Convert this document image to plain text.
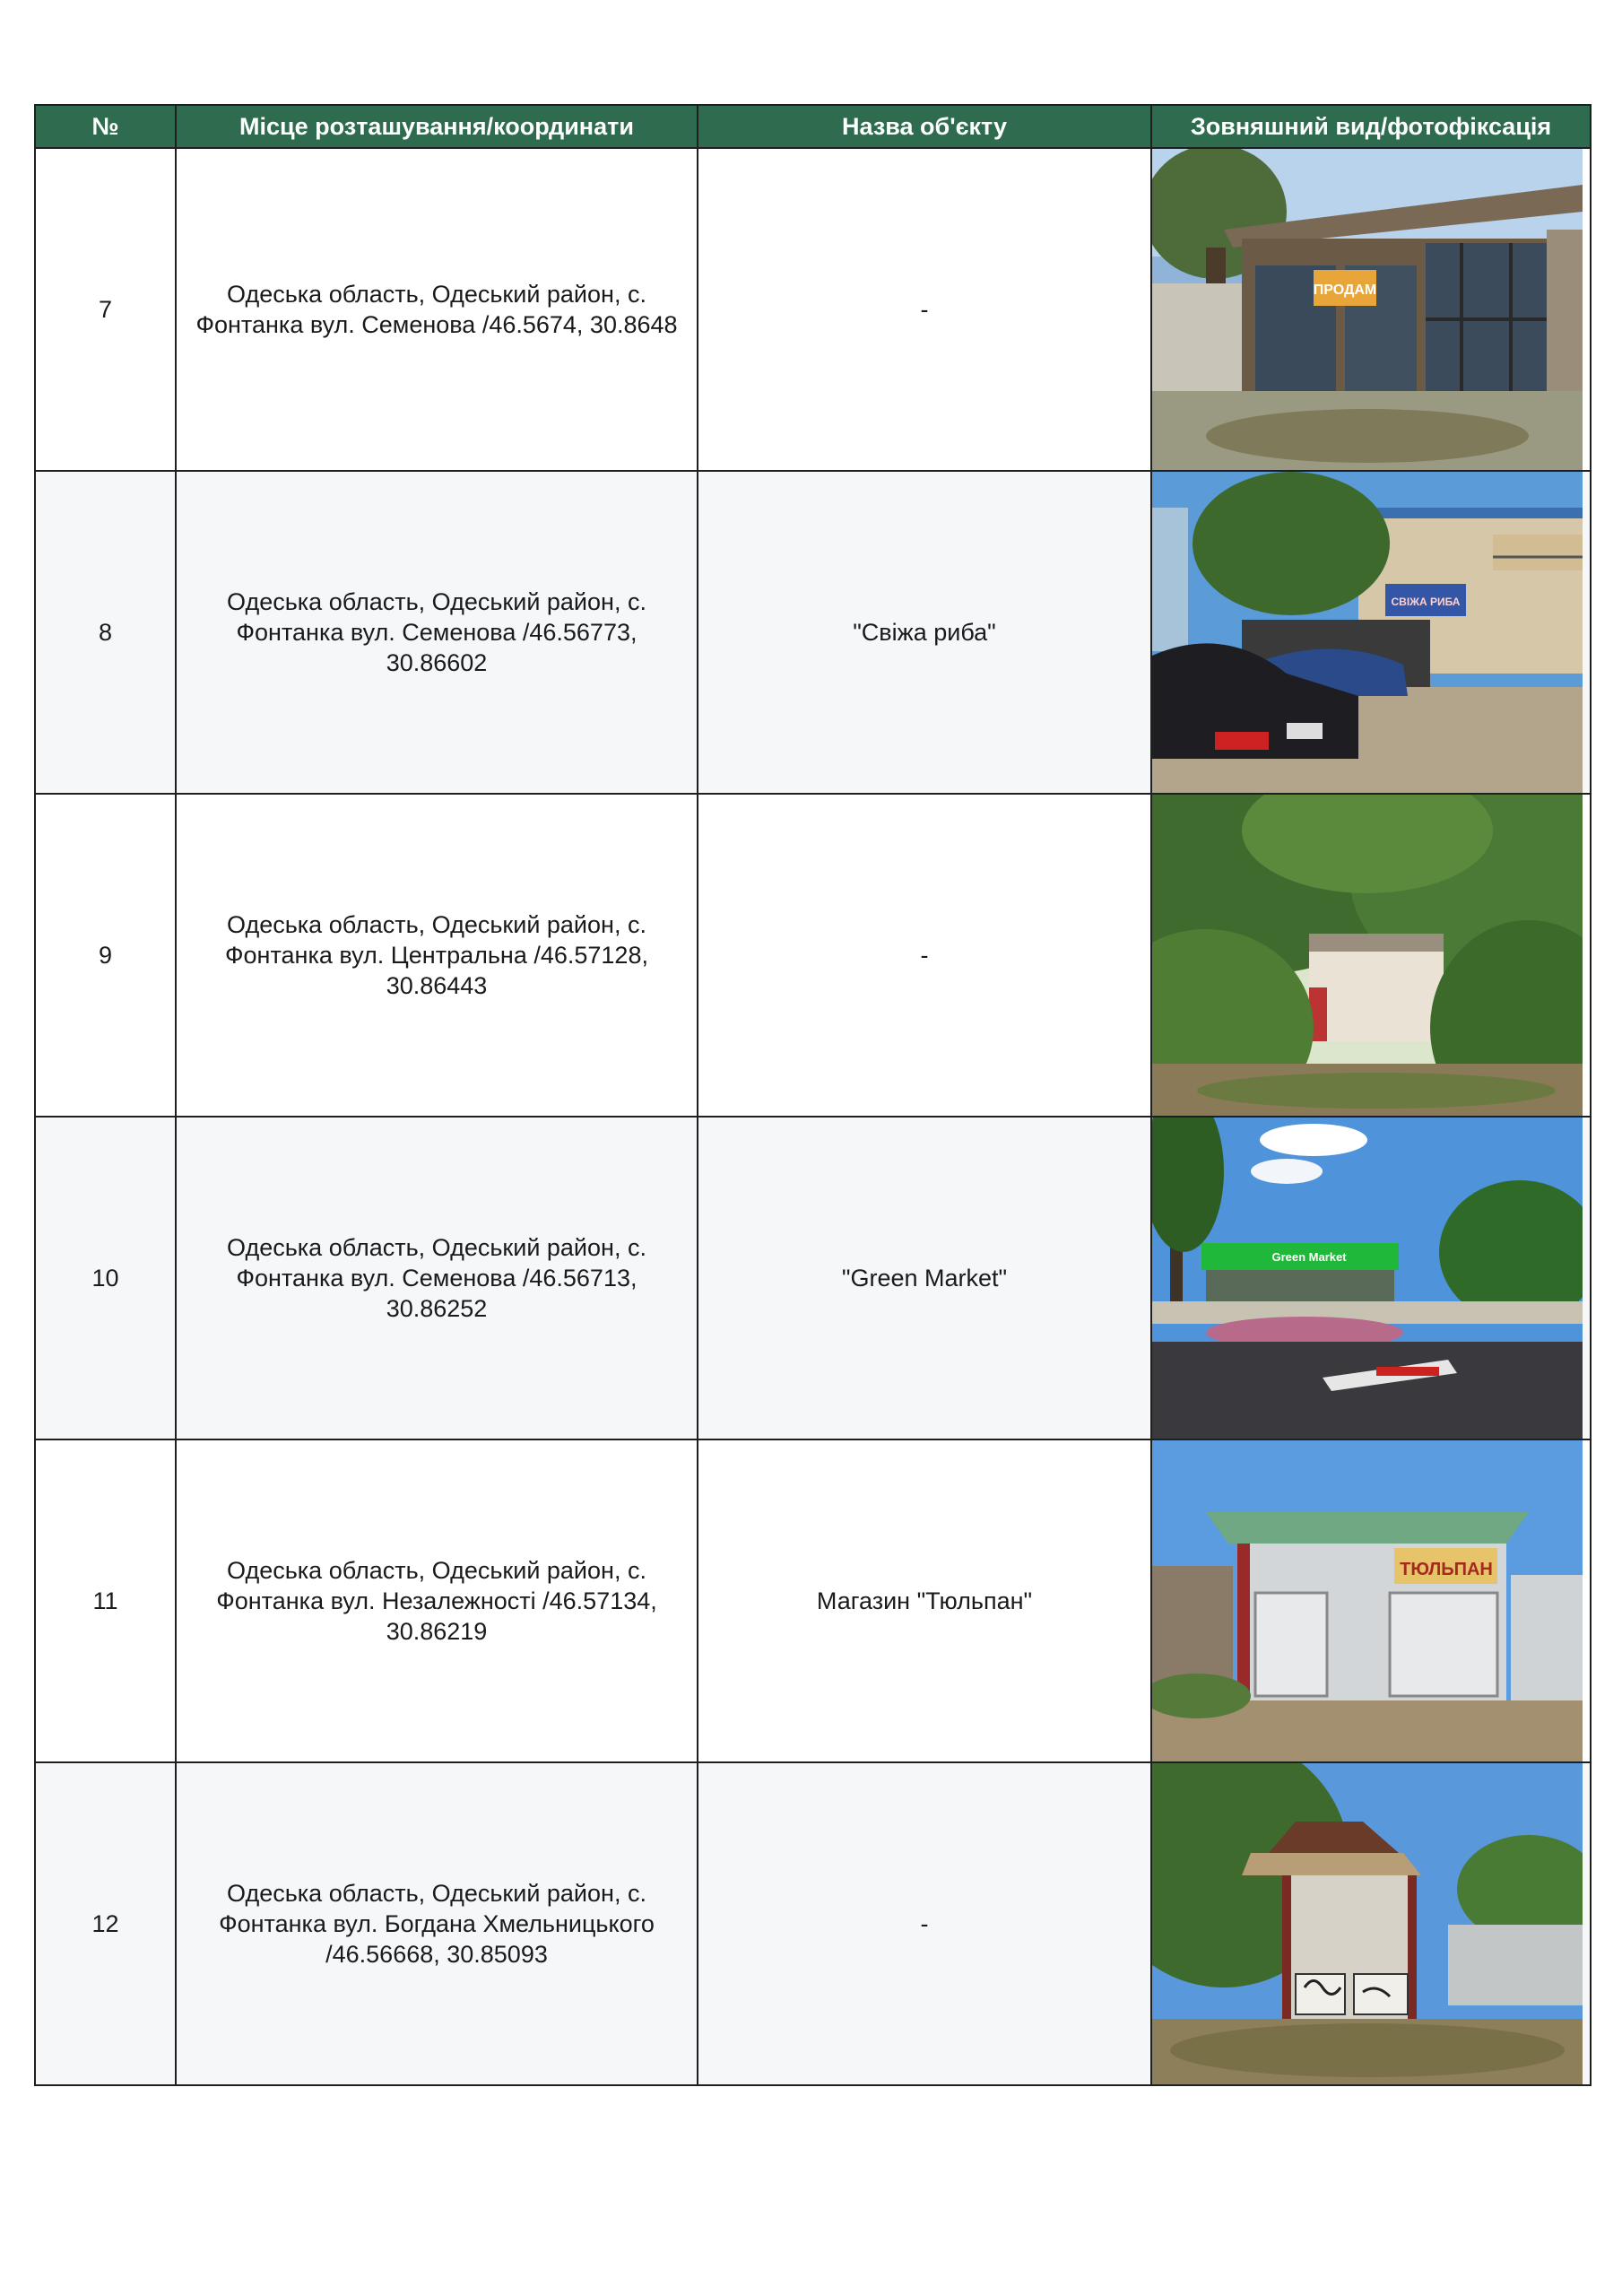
№	Місце розташування/координати	Назва об'єкту	Зовняшний вид/фотофіксація
7	Одеська область, Одеський район, с. Фонтанка вул. Семенова /46.5674, 30.8648	-	ПРОДАМ

8	Одеська область, Одеський район, с. Фонтанка вул. Семенова /46.56773, 30.86602	"Свіжа риба"	СВІЖА РИБА

9	Одеська область, Одеський район, с. Фонтанка вул. Центральна /46.57128, 30.86443	-	

10	Одеська область, Одеський район, с. Фонтанка вул. Семенова /46.56713, 30.86252	"Green Market"	Green Market

11	Одеська область, Одеський район, с. Фонтанка вул. Незалежності /46.57134, 30.86219	Магазин "Тюльпан"	ТЮЛЬПАН

12	Одеська область, Одеський район, с. Фонтанка вул. Богдана Хмельницького /46.56668, 30.85093	-	
